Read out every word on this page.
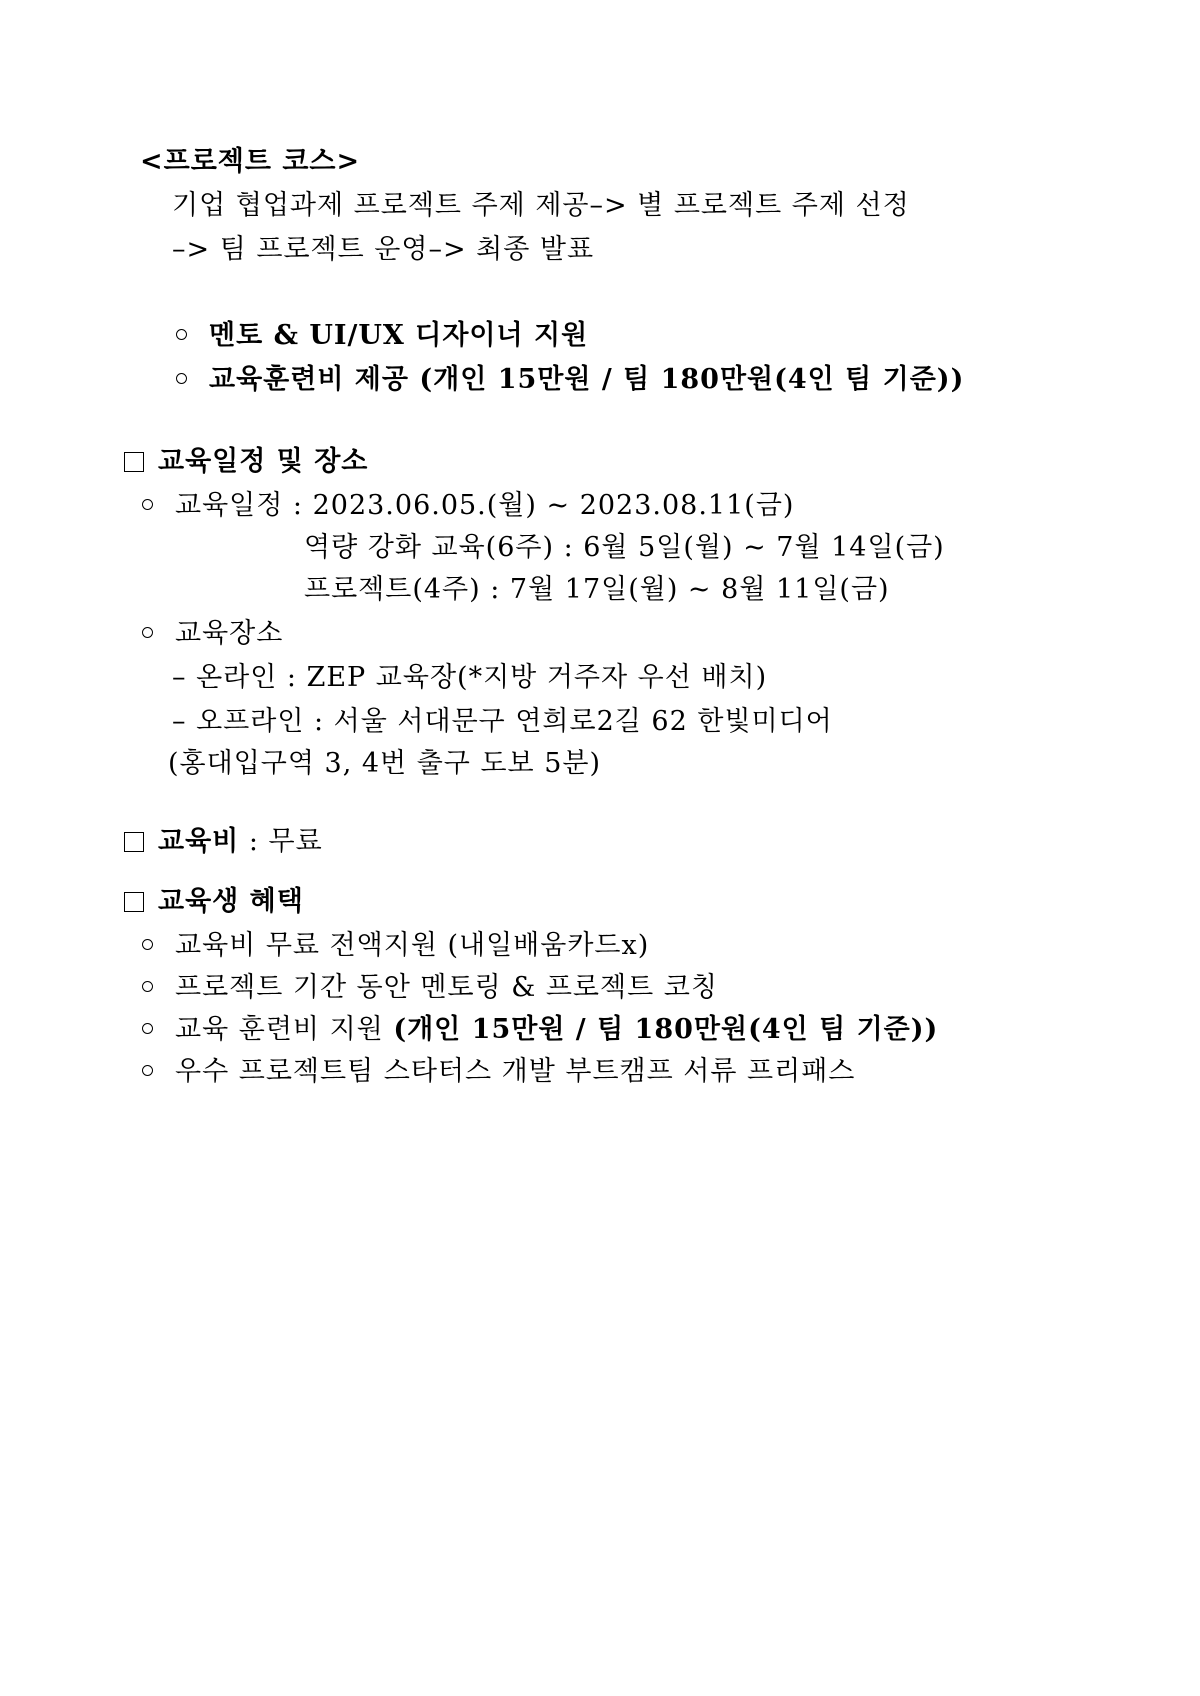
<프로젝트 코스>
기업 협업과제 프로젝트 주제 제공–> 별 프로젝트 주제 선정
–> 팀 프로젝트 운영–> 최종 발표
멘토 & UI/UX 디자이너 지원
교육훈련비 제공 (개인 15만원 / 팀 180만원(4인 팀 기준))
교육일정 및 장소
교육일정 : 2023.06.05.(월) ~ 2023.08.11(금)
역량 강화 교육(6주) : 6월 5일(월) ~ 7월 14일(금)
프로젝트(4주) : 7월 17일(월) ~ 8월 11일(금)
교육장소
– 온라인 : ZEP 교육장(*지방 거주자 우선 배치)
– 오프라인 : 서울 서대문구 연희로2길 62 한빛미디어
(홍대입구역 3, 4번 출구 도보 5분)
교육비 : 무료
교육생 혜택
교육비 무료 전액지원 (내일배움카드x)
프로젝트 기간 동안 멘토링 & 프로젝트 코칭
교육 훈련비 지원 (개인 15만원 / 팀 180만원(4인 팀 기준))
우수 프로젝트팀 스타터스 개발 부트캠프 서류 프리패스
